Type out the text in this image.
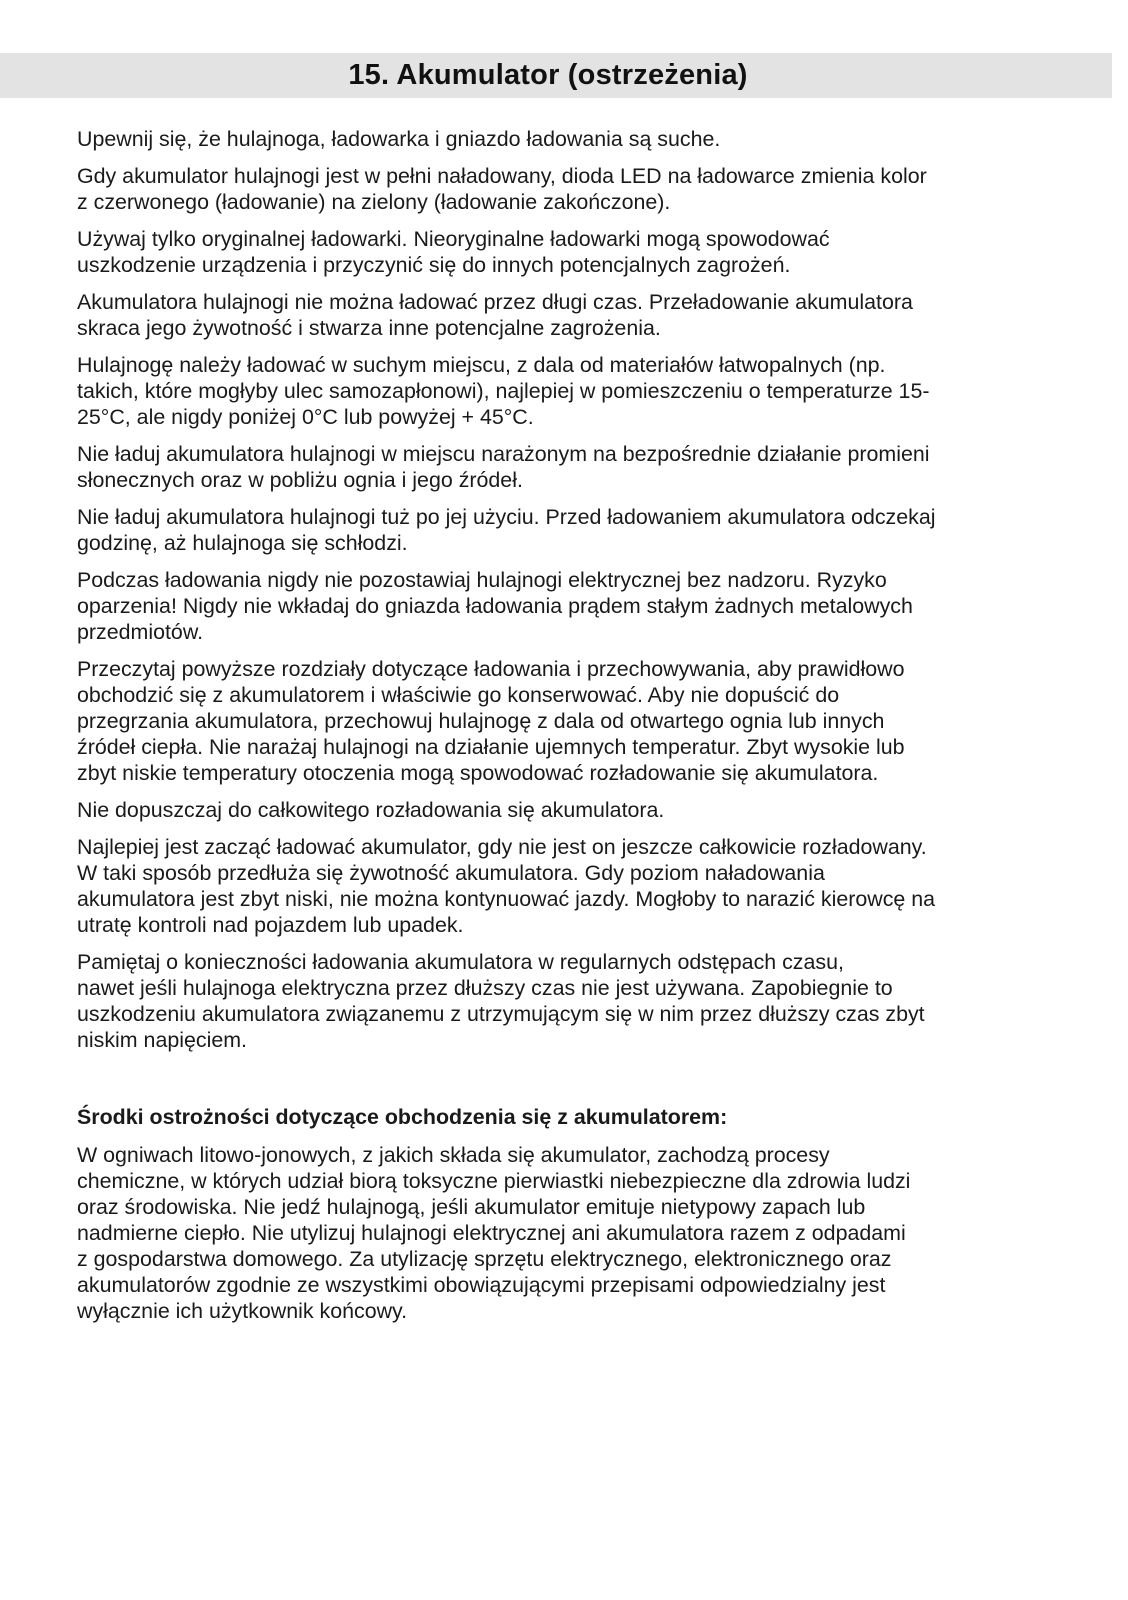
15. Akumulator (ostrzeżenia)

Upewnij się, że hulajnoga, ładowarka i gniazdo ładowania są suche.

Gdy akumulator hulajnogi jest w pełni naładowany, dioda LED na ładowarce zmienia kolor
z czerwonego (ładowanie) na zielony (ładowanie zakończone).

Używaj tylko oryginalnej ładowarki. Nieoryginalne ładowarki mogą spowodować
uszkodzenie urządzenia i przyczynić się do innych potencjalnych zagrożeń.

Akumulatora hulajnogi nie można ładować przez długi czas. Przeładowanie akumulatora
skraca jego żywotność i stwarza inne potencjalne zagrożenia.

Hulajnogę należy ładować w suchym miejscu, z dala od materiałów łatwopalnych (np.
takich, które mogłyby ulec samozapłonowi), najlepiej w pomieszczeniu o temperaturze 15-
25°C, ale nigdy poniżej 0°C lub powyżej + 45°C.

Nie ładuj akumulatora hulajnogi w miejscu narażonym na bezpośrednie działanie promieni
słonecznych oraz w pobliżu ognia i jego źródeł.

Nie ładuj akumulatora hulajnogi tuż po jej użyciu. Przed ładowaniem akumulatora odczekaj
godzinę, aż hulajnoga się schłodzi.

Podczas ładowania nigdy nie pozostawiaj hulajnogi elektrycznej bez nadzoru. Ryzyko
oparzenia! Nigdy nie wkładaj do gniazda ładowania prądem stałym żadnych metalowych
przedmiotów.

Przeczytaj powyższe rozdziały dotyczące ładowania i przechowywania, aby prawidłowo
obchodzić się z akumulatorem i właściwie go konserwować. Aby nie dopuścić do
przegrzania akumulatora, przechowuj hulajnogę z dala od otwartego ognia lub innych
źródeł ciepła. Nie narażaj hulajnogi na działanie ujemnych temperatur. Zbyt wysokie lub
zbyt niskie temperatury otoczenia mogą spowodować rozładowanie się akumulatora.

Nie dopuszczaj do całkowitego rozładowania się akumulatora.

Najlepiej jest zacząć ładować akumulator, gdy nie jest on jeszcze całkowicie rozładowany.
W taki sposób przedłuża się żywotność akumulatora. Gdy poziom naładowania
akumulatora jest zbyt niski, nie można kontynuować jazdy. Mogłoby to narazić kierowcę na
utratę kontroli nad pojazdem lub upadek.

Pamiętaj o konieczności ładowania akumulatora w regularnych odstępach czasu,
nawet jeśli hulajnoga elektryczna przez dłuższy czas nie jest używana. Zapobiegnie to
uszkodzeniu akumulatora związanemu z utrzymującym się w nim przez dłuższy czas zbyt
niskim napięciem.

Środki ostrożności dotyczące obchodzenia się z akumulatorem:

W ogniwach litowo-jonowych, z jakich składa się akumulator, zachodzą procesy
chemiczne, w których udział biorą toksyczne pierwiastki niebezpieczne dla zdrowia ludzi
oraz środowiska. Nie jedź hulajnogą, jeśli akumulator emituje nietypowy zapach lub
nadmierne ciepło. Nie utylizuj hulajnogi elektrycznej ani akumulatora razem z odpadami
z gospodarstwa domowego. Za utylizację sprzętu elektrycznego, elektronicznego oraz
akumulatorów zgodnie ze wszystkimi obowiązującymi przepisami odpowiedzialny jest
wyłącznie ich użytkownik końcowy.
